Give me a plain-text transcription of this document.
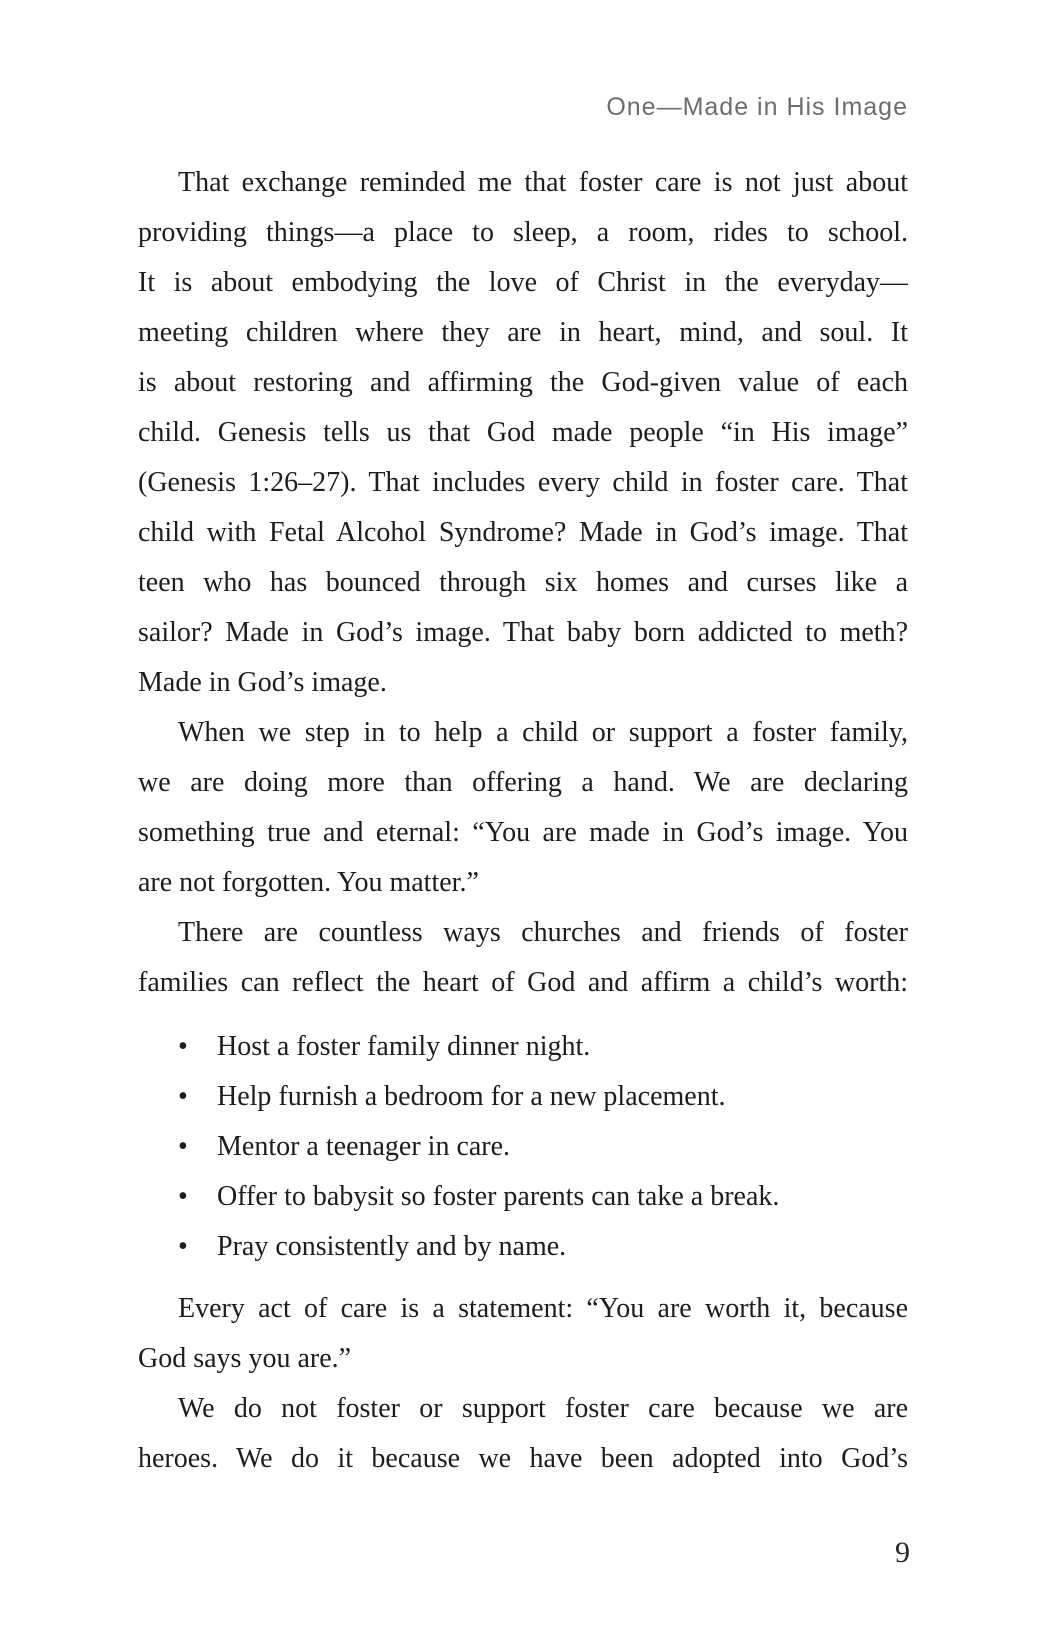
One—Made in His Image
That exchange reminded me that foster care is not just about
providing things—a place to sleep, a room, rides to school.
It is about embodying the love of Christ in the everyday—
meeting children where they are in heart, mind, and soul. It
is about restoring and affirming the God-given value of each
child. Genesis tells us that God made people “in His image”
(Genesis 1:26–27). That includes every child in foster care. That
child with Fetal Alcohol Syndrome? Made in God’s image. That
teen who has bounced through six homes and curses like a
sailor? Made in God’s image. That baby born addicted to meth?
Made in God’s image.
When we step in to help a child or support a foster family,
we are doing more than offering a hand. We are declaring
something true and eternal: “You are made in God’s image. You
are not forgotten. You matter.”
There are countless ways churches and friends of foster
families can reflect the heart of God and affirm a child’s worth:
•	Host a foster family dinner night.
•	Help furnish a bedroom for a new placement.
•	Mentor a teenager in care.
•	Offer to babysit so foster parents can take a break.
•	Pray consistently and by name.
Every act of care is a statement: “You are worth it, because
God says you are.”
We do not foster or support foster care because we are
heroes. We do it because we have been adopted into God’s
9
